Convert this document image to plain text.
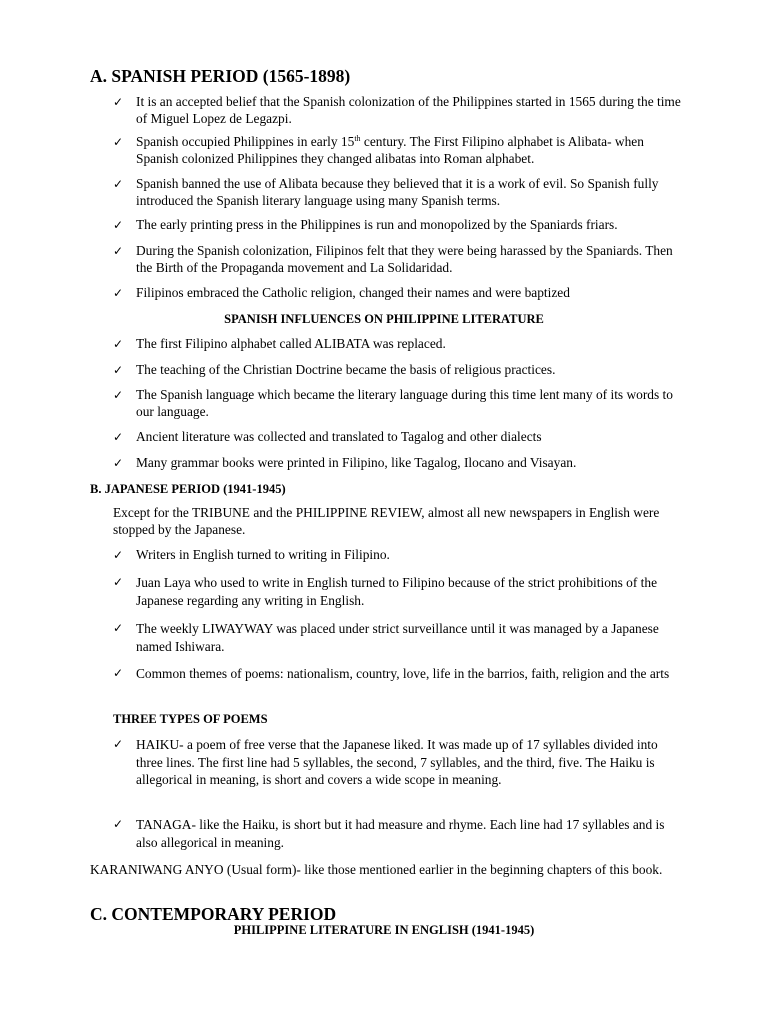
A. SPANISH PERIOD (1565-1898)
✓ It is an accepted belief that the Spanish colonization of the Philippines started in 1565 during the time of Miguel Lopez de Legazpi.
✓ Spanish occupied Philippines in early 15th century. The First Filipino alphabet is Alibata- when Spanish colonized Philippines they changed alibatas into Roman alphabet.
✓ Spanish banned the use of Alibata because they believed that it is a work of evil. So Spanish fully introduced the Spanish literary language using many Spanish terms.
✓ The early printing press in the Philippines is run and monopolized by the Spaniards friars.
✓ During the Spanish colonization, Filipinos felt that they were being harassed by the Spaniards. Then the Birth of the Propaganda movement and La Solidaridad.
✓ Filipinos embraced the Catholic religion, changed their names and were baptized
SPANISH INFLUENCES ON PHILIPPINE LITERATURE
✓ The first Filipino alphabet called ALIBATA was replaced.
✓ The teaching of the Christian Doctrine became the basis of religious practices.
✓ The Spanish language which became the literary language during this time lent many of its words to our language.
✓ Ancient literature was collected and translated to Tagalog and other dialects
✓ Many grammar books were printed in Filipino, like Tagalog, Ilocano and Visayan.
B. JAPANESE PERIOD (1941-1945)
Except for the TRIBUNE and the PHILIPPINE REVIEW, almost all new newspapers in English were stopped by the Japanese.
✓ Writers in English turned to writing in Filipino.
✓ Juan Laya who used to write in English turned to Filipino because of the strict prohibitions of the Japanese regarding any writing in English.
✓ The weekly LIWAYWAY was placed under strict surveillance until it was managed by a Japanese named Ishiwara.
✓ Common themes of poems: nationalism, country, love, life in the barrios, faith, religion and the arts
THREE TYPES OF POEMS
✓ HAIKU- a poem of free verse that the Japanese liked. It was made up of 17 syllables divided into three lines. The first line had 5 syllables, the second, 7 syllables, and the third, five. The Haiku is allegorical in meaning, is short and covers a wide scope in meaning.
✓ TANAGA- like the Haiku, is short but it had measure and rhyme. Each line had 17 syllables and is also allegorical in meaning.
KARANIWANG ANYO (Usual form)- like those mentioned earlier in the beginning chapters of this book.
C. CONTEMPORARY PERIOD
PHILIPPINE LITERATURE IN ENGLISH (1941-1945)
